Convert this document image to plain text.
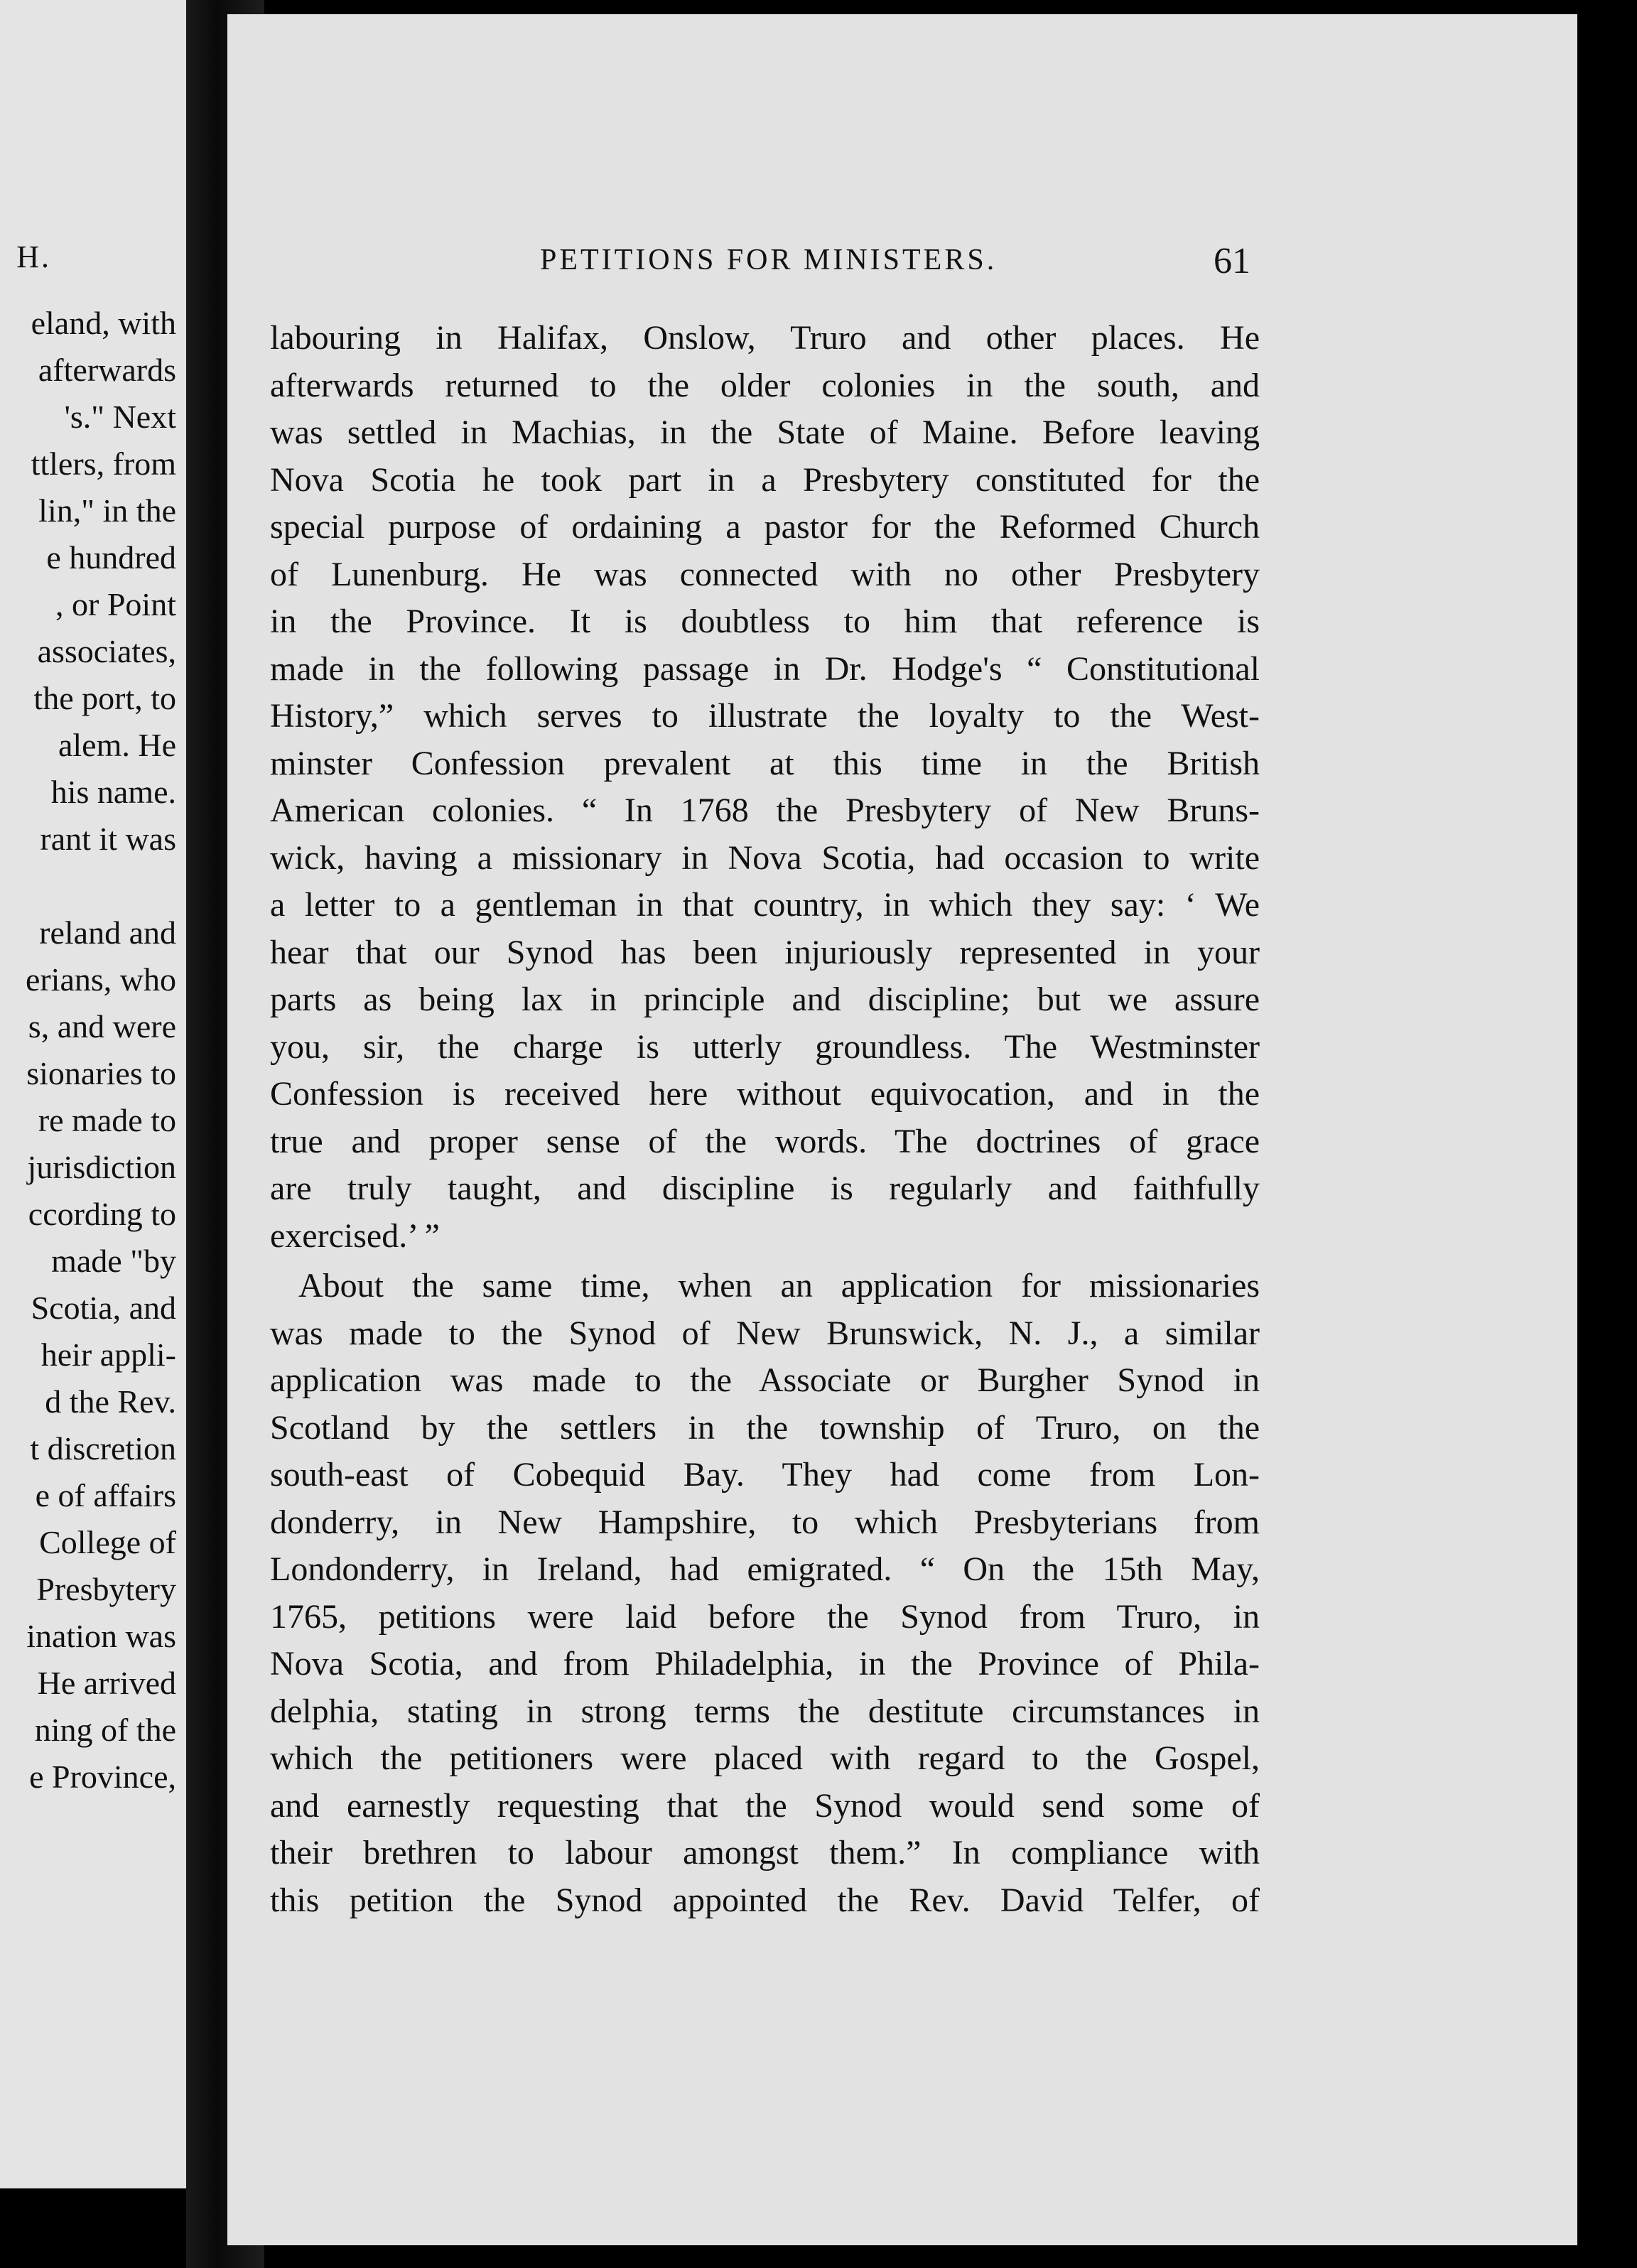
H.
eland, with
afterwards
's." Next
ttlers, from
lin," in the
e hundred
, or Point
associates,
the port, to
alem. He
his name.
rant it was
reland and
erians, who
s, and were
sionaries to
re made to
jurisdiction
ccording to
made "by
Scotia, and
heir appli-
d the Rev.
t discretion
e of affairs
College of
Presbytery
ination was
He arrived
ning of the
e Province,
PETITIONS FOR MINISTERS.	61
labouring in Halifax, Onslow, Truro and other places. He
afterwards returned to the older colonies in the south, and
was settled in Machias, in the State of Maine. Before leaving
Nova Scotia he took part in a Presbytery constituted for the
special purpose of ordaining a pastor for the Reformed Church
of Lunenburg. He was connected with no other Presbytery
in the Province. It is doubtless to him that reference is
made in the following passage in Dr. Hodge's “ Constitutional
History,” which serves to illustrate the loyalty to the West-
minster Confession prevalent at this time in the British
American colonies. “ In 1768 the Presbytery of New Bruns-
wick, having a missionary in Nova Scotia, had occasion to write
a letter to a gentleman in that country, in which they say: ‘ We
hear that our Synod has been injuriously represented in your
parts as being lax in principle and discipline; but we assure
you, sir, the charge is utterly groundless. The Westminster
Confession is received here without equivocation, and in the
true and proper sense of the words. The doctrines of grace
are truly taught, and discipline is regularly and faithfully
exercised.’ ”
About the same time, when an application for missionaries
was made to the Synod of New Brunswick, N. J., a similar
application was made to the Associate or Burgher Synod in
Scotland by the settlers in the township of Truro, on the
south-east of Cobequid Bay. They had come from Lon-
donderry, in New Hampshire, to which Presbyterians from
Londonderry, in Ireland, had emigrated. “ On the 15th May,
1765, petitions were laid before the Synod from Truro, in
Nova Scotia, and from Philadelphia, in the Province of Phila-
delphia, stating in strong terms the destitute circumstances in
which the petitioners were placed with regard to the Gospel,
and earnestly requesting that the Synod would send some of
their brethren to labour amongst them.” In compliance with
this petition the Synod appointed the Rev. David Telfer, of
